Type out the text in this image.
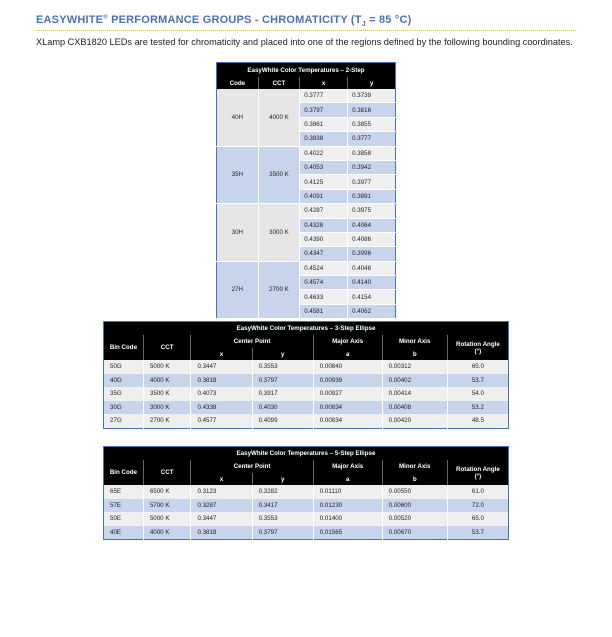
EASYWHITE® PERFORMANCE GROUPS - CHROMATICITY ($T_J = 85$ °C)
XLamp CXB1820 LEDs are tested for chromaticity and placed into one of the regions defined by the following bounding coordinates.
EasyWhite Color Temperatures – 2-Step			
Code	CCT	x	y
40H	4000 K	0.3777	0.3739
		0.3797	0.3816
		0.3861	0.3855
		0.3838	0.3777
35H	3500 K	0.4022	0.3858
		0.4053	0.3942
		0.4125	0.3977
		0.4091	0.3891
30H	3000 K	0.4287	0.3975
		0.4328	0.4064
		0.4390	0.4086
		0.4347	0.3996
27H	2700 K	0.4524	0.4048
		0.4574	0.4140
		0.4633	0.4154
		0.4581	0.4062
EasyWhite Color Temperatures – 3-Step Ellipse						
Bin Code	CCT	Center Point		Major Axis	Minor Axis	Rotation Angle
(°)
		x	y	a	b	
50G	5000 K	0.3447	0.3553	0.00840	0.00312	65.0
40G	4000 K	0.3818	0.3797	0.00939	0.00402	53.7
35G	3500 K	0.4073	0.3917	0.00927	0.00414	54.0
30G	3000 K	0.4338	0.4030	0.00834	0.00408	53.2
27G	2700 K	0.4577	0.4099	0.00834	0.00420	48.5
EasyWhite Color Temperatures – 5-Step Ellipse						
Bin Code	CCT	Center Point		Major Axis	Minor Axis	Rotation Angle
(°)
		x	y	a	b	
65E	6500 K	0.3123	0.3282	0.01110	0.00550	61.0
57E	5700 K	0.3287	0.3417	0.01230	0.00600	72.0
50E	5000 K	0.3447	0.3553	0.01400	0.00520	65.0
40E	4000 K	0.3818	0.3797	0.01565	0.00670	53.7
